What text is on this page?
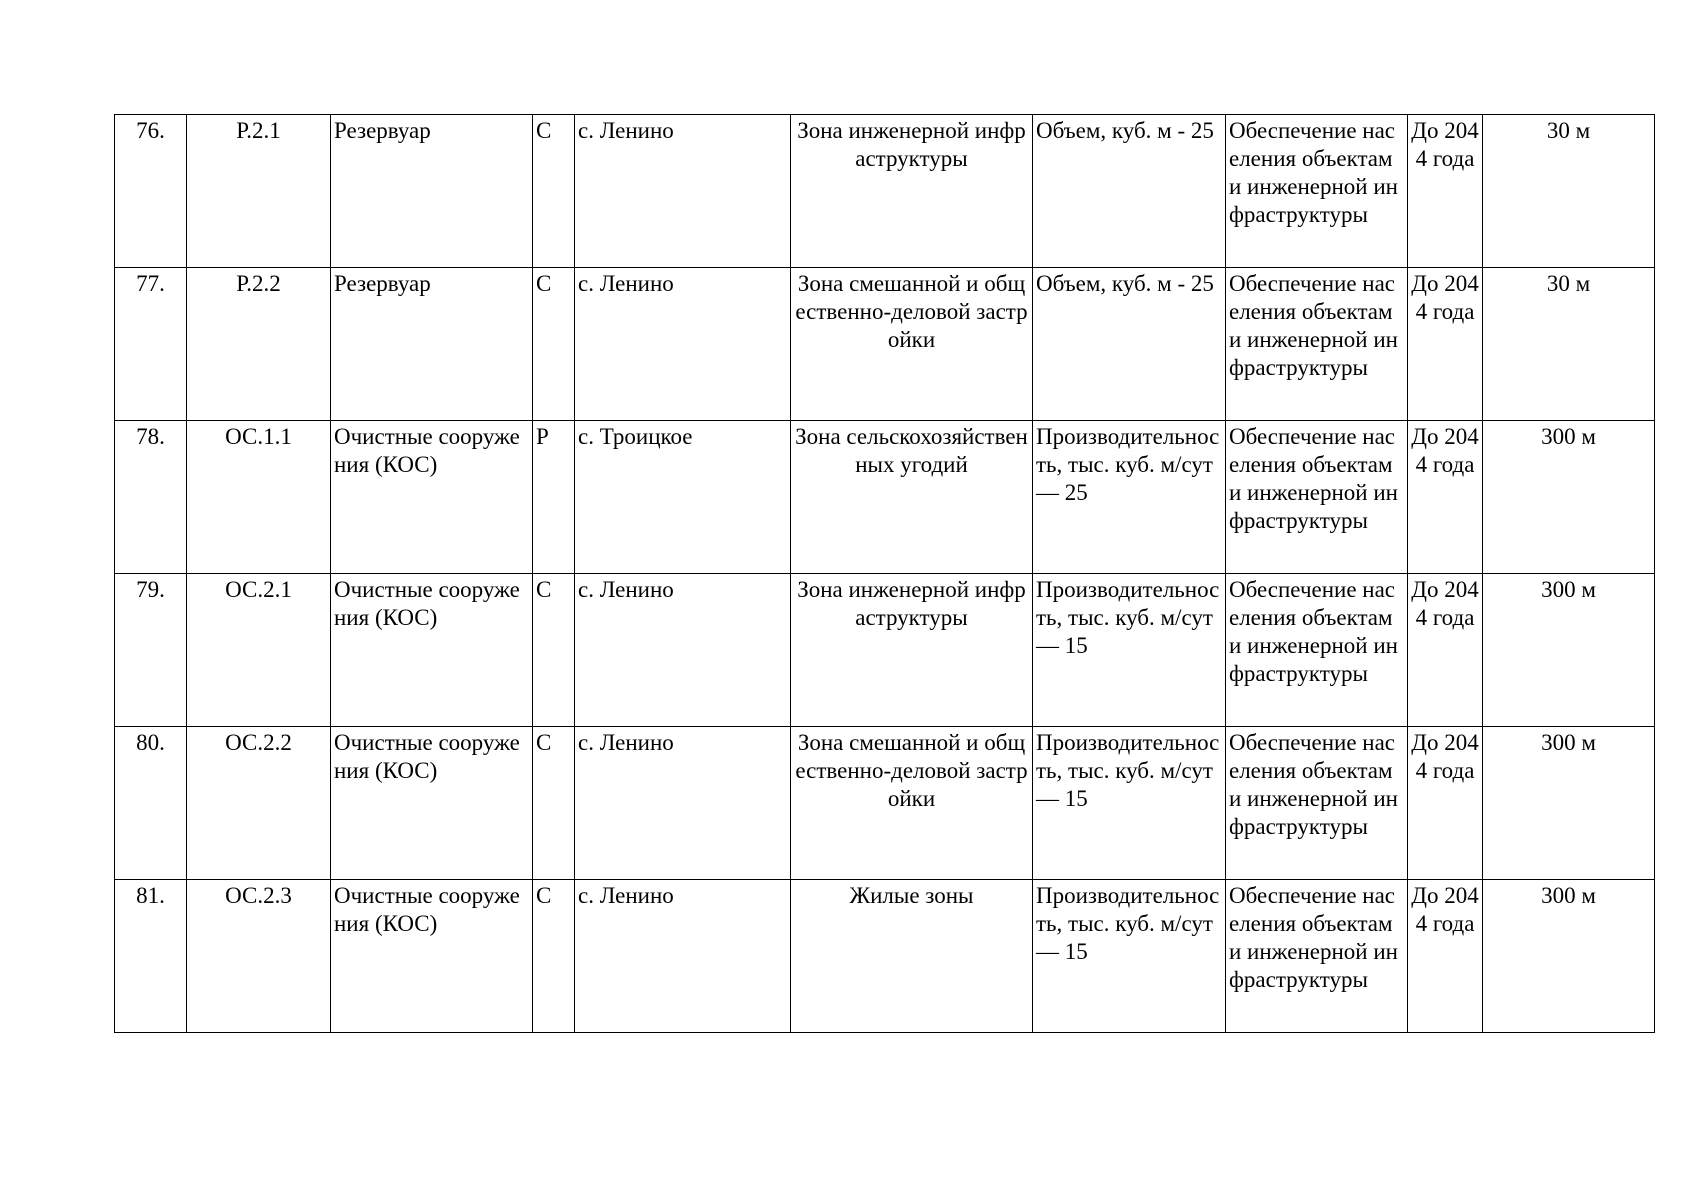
76.	Р.2.1	Резервуар	С	с. Ленино	Зона инженерной инфраструктуры	Объем, куб. м - 25	Обеспечение населения объектами инженерной инфраструктуры	До 2044 года	30 м
77.	Р.2.2	Резервуар	С	с. Ленино	Зона смешанной и общественно-деловой застройки	Объем, куб. м - 25	Обеспечение населения объектами инженерной инфраструктуры	До 2044 года	30 м
78.	ОС.1.1	Очистные сооружения (КОС)	Р	с. Троицкое	Зона сельскохозяйственных угодий	Производительность, тыс. куб. м/сут — 25	Обеспечение населения объектами инженерной инфраструктуры	До 2044 года	300 м
79.	ОС.2.1	Очистные сооружения (КОС)	С	с. Ленино	Зона инженерной инфраструктуры	Производительность, тыс. куб. м/сут — 15	Обеспечение населения объектами инженерной инфраструктуры	До 2044 года	300 м
80.	ОС.2.2	Очистные сооружения (КОС)	С	с. Ленино	Зона смешанной и общественно-деловой застройки	Производительность, тыс. куб. м/сут — 15	Обеспечение населения объектами инженерной инфраструктуры	До 2044 года	300 м
81.	ОС.2.3	Очистные сооружения (КОС)	С	с. Ленино	Жилые зоны	Производительность, тыс. куб. м/сут — 15	Обеспечение населения объектами инженерной инфраструктуры	До 2044 года	300 м
